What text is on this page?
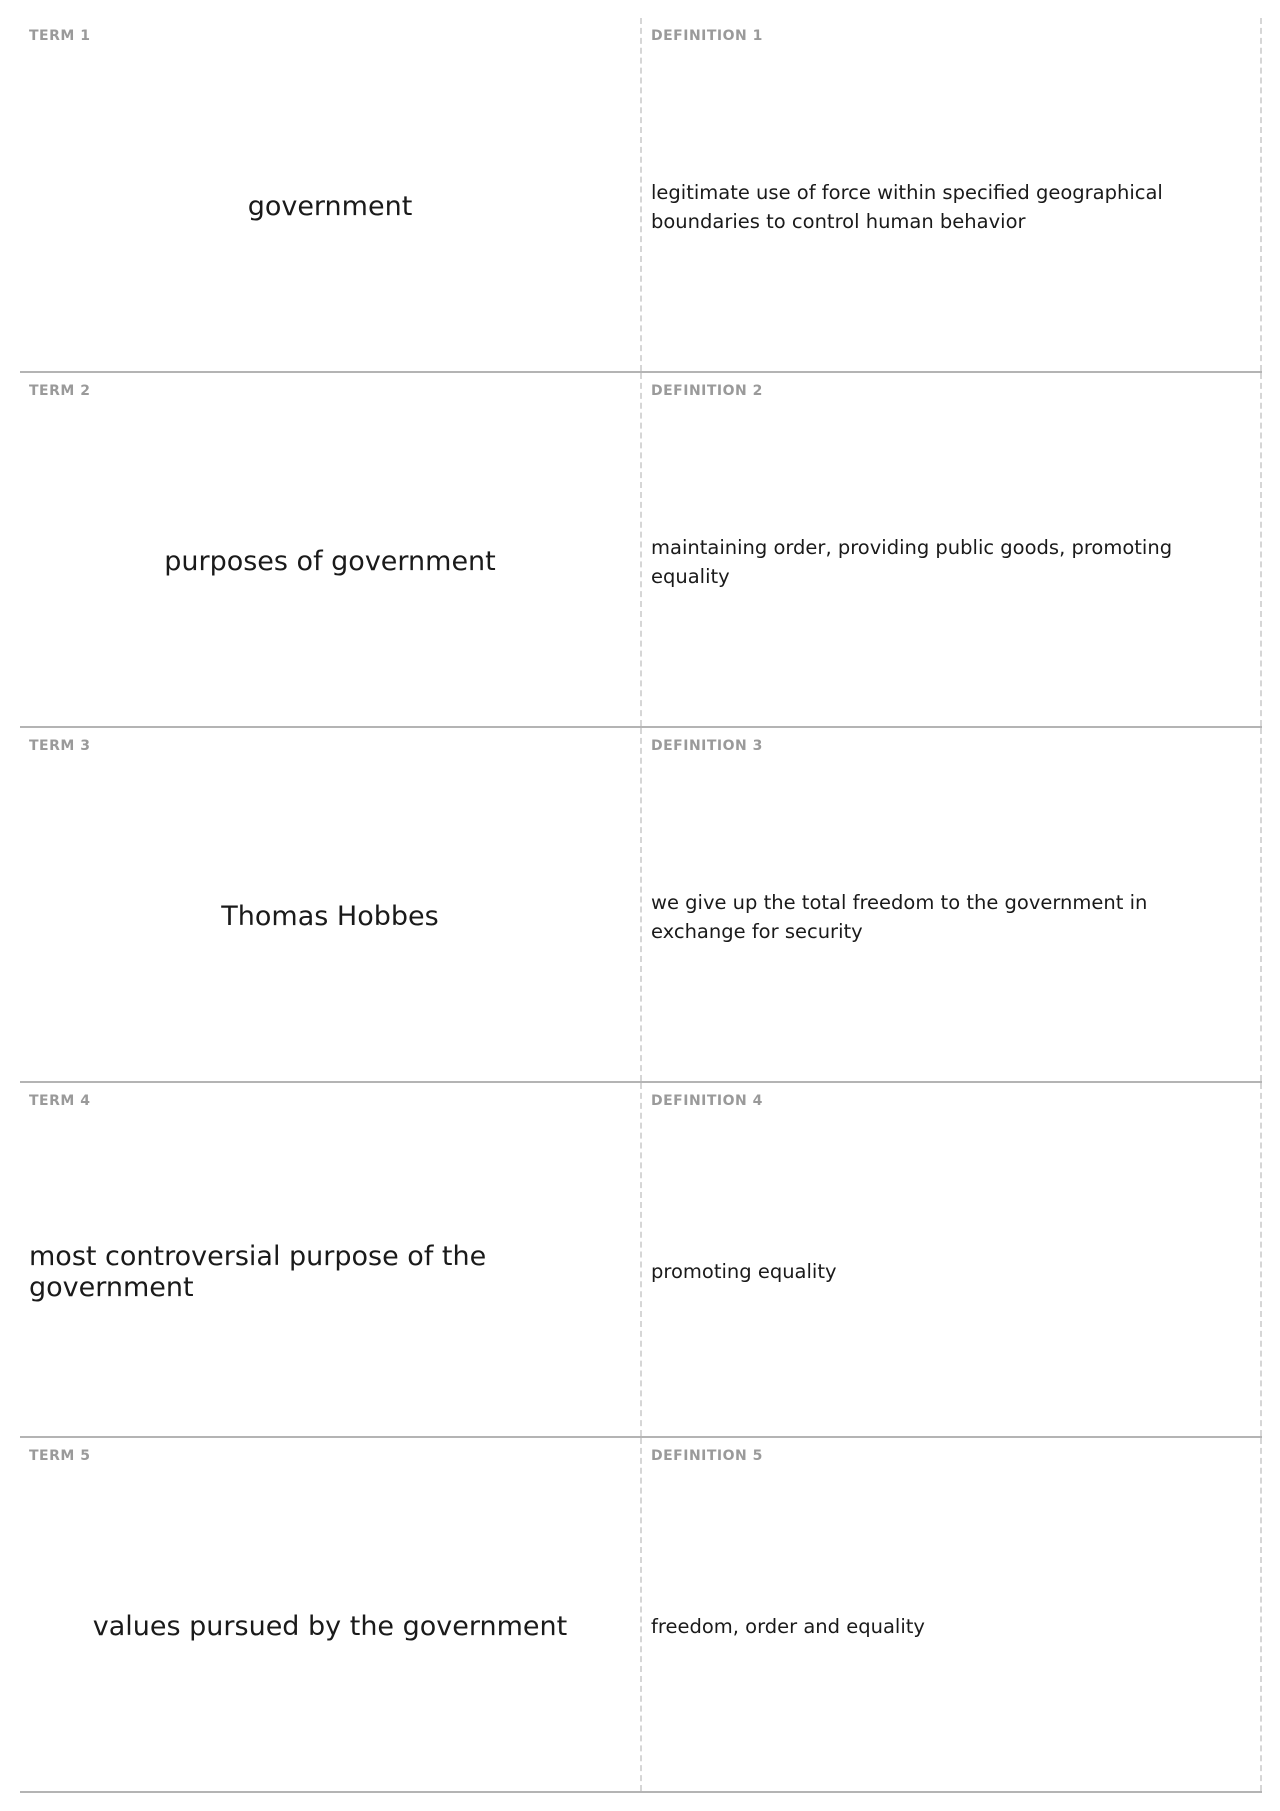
TERM 1
government
DEFINITION 1
legitimate use of force within specified geographical boundaries to control human behavior
TERM 2
purposes of government
DEFINITION 2
maintaining order, providing public goods, promoting equality
TERM 3
Thomas Hobbes
DEFINITION 3
we give up the total freedom to the government in exchange for security
TERM 4
most controversial purpose of the government
DEFINITION 4
promoting equality
TERM 5
values pursued by the government
DEFINITION 5
freedom, order and equality
